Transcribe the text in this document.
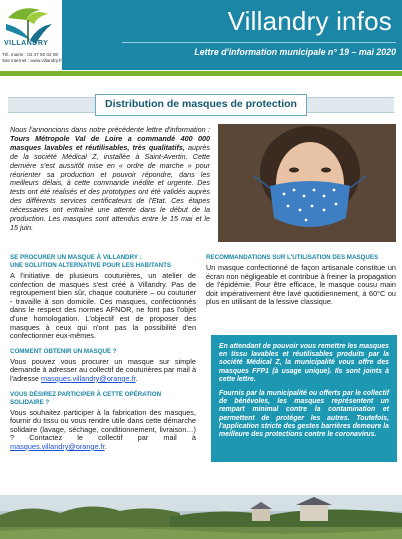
VILLANDRY
Tél. mairie : 02 47 50 02 08
Site internet : www.villandry.fr
Villandry infos
Lettre d'information municipale n° 19 – mai 2020
Distribution de masques de protection
Nous l'annoncions dans notre précédente lettre d'information : Tours Métropole Val de Loire a commandé 400 000 masques lavables et réutilisables, très qualitatifs, auprès de la société Médical Z, installée à Saint-Avertin. Cette dernière s'est aussitôt mise en « ordre de marche » pour réorienter sa production et pouvoir répondre, dans les meilleurs délais, à cette commande inédite et urgente. Des tests ont été réalisés et des prototypes ont été validés auprès des différents services certificateurs de l'Etat. Ces étapes nécessaires ont entraîné une attente dans le début de la production. Les masques sont attendus entre le 15 mai et le 15 juin.
SE PROCURER UN MASQUE À VILLANDRY :
UNE SOLUTION ALTERNATIVE POUR LES HABITANTS
A l'initiative de plusieurs couturières, un atelier de confection de masques s'est créé à Villandry. Pas de regroupement bien sûr, chaque couturière – ou couturier - travaille à son domicile. Ces masques, confectionnés dans le respect des normes AFNOR, ne font pas l'objet d'une homologation. L'objectif est de proposer des masques à ceux qui n'ont pas la possibilité d'en confectionner eux-mêmes.
COMMENT OBTENIR UN MASQUE ?
Vous pouvez vous procurer un masque sur simple demande à adresser au collectif de couturières par mail à l'adresse masques.villandry@orange.fr.
VOUS DÉSIREZ PARTICIPER À CETTE OPÉRATION SOLIDAIRE ?
Vous souhaitez participer à la fabrication des masques, fournir du tissu ou vous rendre utile dans cette démarche solidaire (lavage, séchage, conditionnement, livraison…) ? Contactez le collectif par mail à masques.villandry@orange.fr.
RECOMMANDATIONS SUR L'UTILISATION DES MASQUES
Un masque confectionné de façon artisanale constitue un écran non négligeable et contribue à freiner la propagation de l'épidémie. Pour être efficace, le masque cousu main doit impérativement être lavé quotidiennement, à 60°C ou plus en utilisant de la lessive classique.

En attendant de pouvoir vous remettre les masques en tissu lavables et réutilisables produits par la société Médical Z, la municipalité vous offre des masques FFP1 (à usage unique). Ils sont joints à cette lettre.

Fournis par la municipalité ou offerts par le collectif de bénévoles, les masques représentent un rempart minimal contre la contamination et permettent de protéger les autres. Toutefois, l'application stricte des gestes barrières demeure la meilleure des protections contre le coronavirus.
